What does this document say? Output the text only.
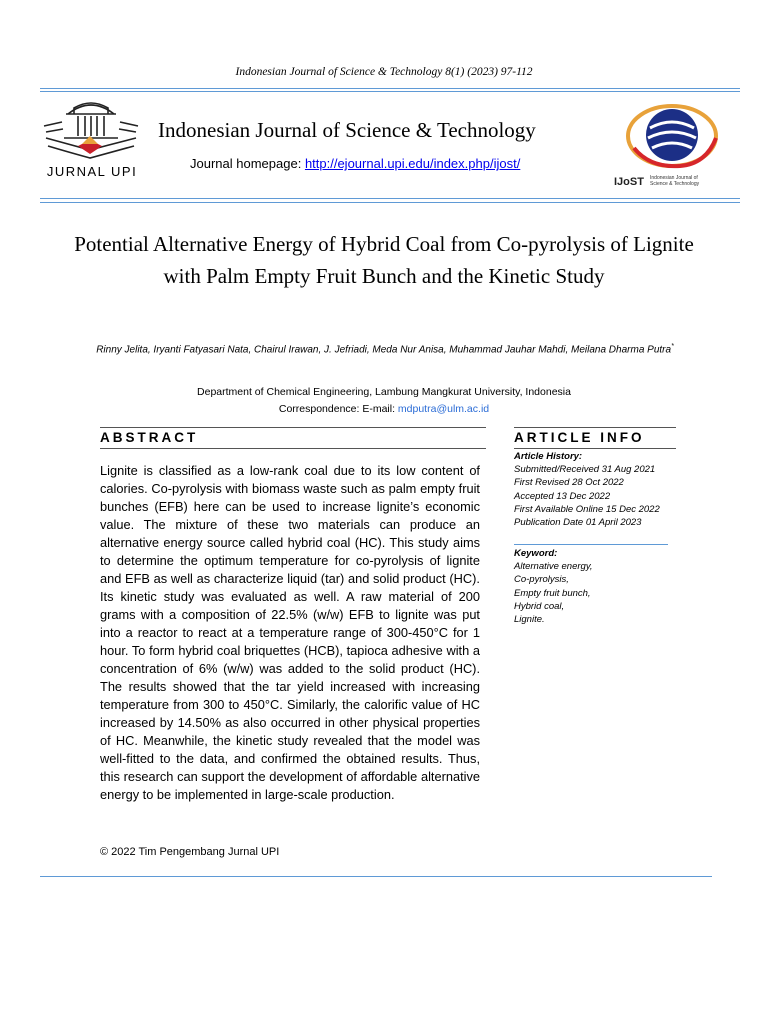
Indonesian Journal of Science & Technology 8(1) (2023) 97-112
JURNAL UPI
Indonesian Journal of Science & Technology
Journal homepage: http://ejournal.upi.edu/index.php/ijost/
IJoST Indonesian Journal of
Science & Technology
Potential Alternative Energy of Hybrid Coal from Co-pyrolysis of Lignite with Palm Empty Fruit Bunch and the Kinetic Study
Rinny Jelita, Iryanti Fatyasari Nata, Chairul Irawan, J. Jefriadi, Meda Nur Anisa, Muhammad Jauhar Mahdi, Meilana Dharma Putra*
Department of Chemical Engineering, Lambung Mangkurat University, Indonesia
Correspondence: E-mail: mdputra@ulm.ac.id
ABSTRACT	ARTICLE INFO
Lignite is classified as a low-rank coal due to its low content of calories. Co-pyrolysis with biomass waste such as palm empty fruit bunches (EFB) here can be used to increase lignite’s economic value. The mixture of these two materials can produce an alternative energy source called hybrid coal (HC). This study aims to determine the optimum temperature for co-pyrolysis of lignite and EFB as well as characterize liquid (tar) and solid product (HC). Its kinetic study was evaluated as well. A raw material of 200 grams with a composition of 22.5% (w/w) EFB to lignite was put into a reactor to react at a temperature range of 300-450°C for 1 hour. To form hybrid coal briquettes (HCB), tapioca adhesive with a concentration of 6% (w/w) was added to the solid product (HC). The results showed that the tar yield increased with increasing temperature from 300 to 450°C. Similarly, the calorific value of HC increased by 14.50% as also occurred in other physical properties of HC. Meanwhile, the kinetic study revealed that the model was well-fitted to the data, and confirmed the obtained results. Thus, this research can support the development of affordable alternative energy to be implemented in large-scale production.
© 2022 Tim Pengembang Jurnal UPI
Article History:
Submitted/Received 31 Aug 2021
First Revised 28 Oct 2022
Accepted 13 Dec 2022
First Available Online 15 Dec 2022
Publication Date 01 April 2023
Keyword:
Alternative energy,
Co-pyrolysis,
Empty fruit bunch,
Hybrid coal,
Lignite.
